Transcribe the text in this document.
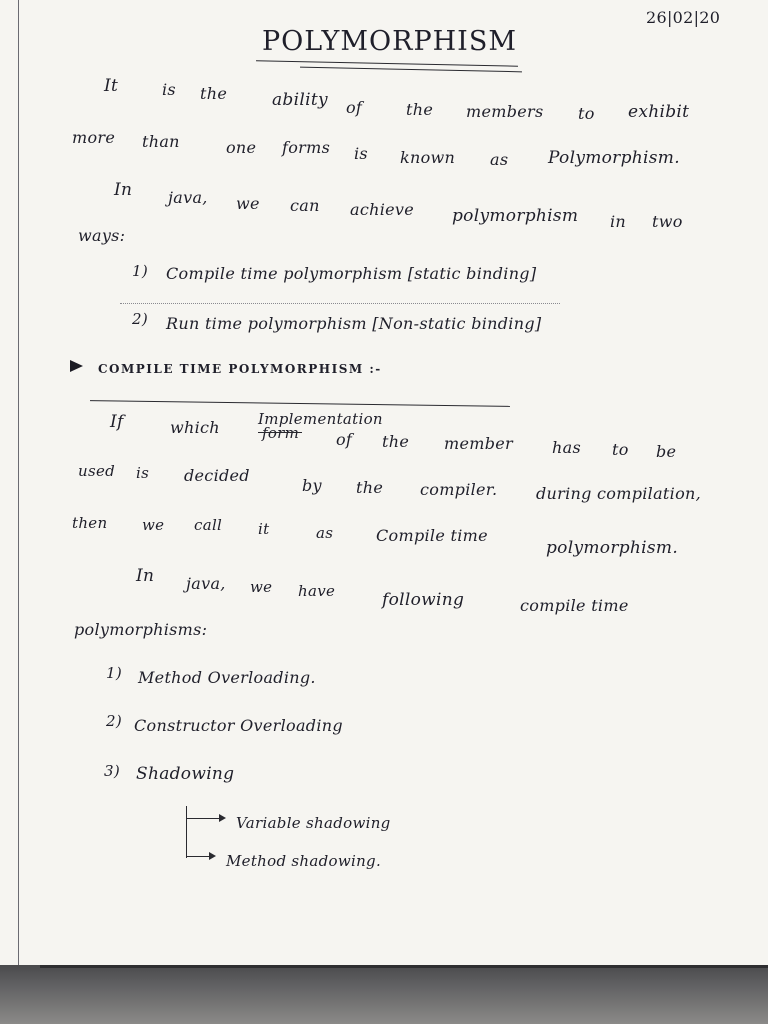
26|02|20
POLYMORPHISM
It	is the	ability of	the members to exhibit
more than	one forms is known as Polymorphism.
In java, we can achieve polymorphism in two
ways:
1) Compile time polymorphism [static binding]
2) Run time polymorphism [Non-static binding]
COMPILE TIME POLYMORPHISM :-
Implementation
form
If	which
of the member has to be
used is decided
by the compiler. during compilation,
then we call it	as	Compile time
polymorphism.
In java, we have	following	compile time
polymorphisms:
1) Method Overloading.
2) Constructor Overloading
3) Shadowing
Variable shadowing
Method shadowing.
